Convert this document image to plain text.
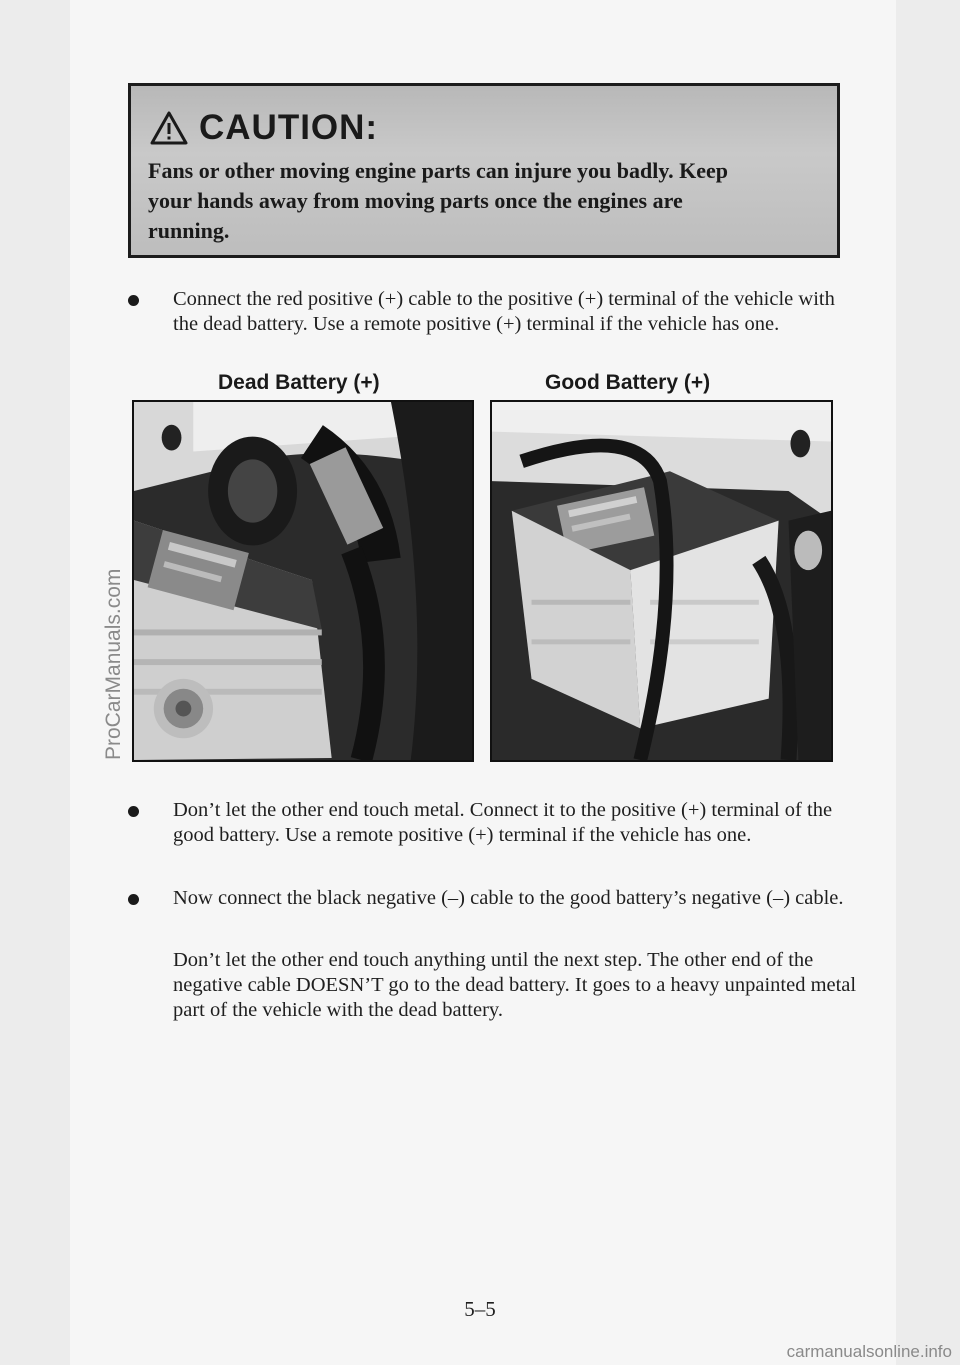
CAUTION:
Fans or other moving engine parts can injure you badly. Keep your hands away from moving parts once the engines are running.
Connect the red positive (+) cable to the positive (+) terminal of the vehicle with the dead battery. Use a remote positive (+) terminal if the vehicle has one.
Dead Battery (+)	Good Battery (+)
Don’t let the other end touch metal. Connect it to the positive (+) terminal of the good battery. Use a remote positive (+) terminal if the vehicle has one.
Now connect the black negative (–) cable to the good battery’s negative (–) cable.
Don’t let the other end touch anything until the next step. The other end of the negative cable DOESN’T go to the dead battery. It goes to a heavy unpainted metal part of the vehicle with the dead battery.
5–5
ProCarManuals.com
carmanualsonline.info
